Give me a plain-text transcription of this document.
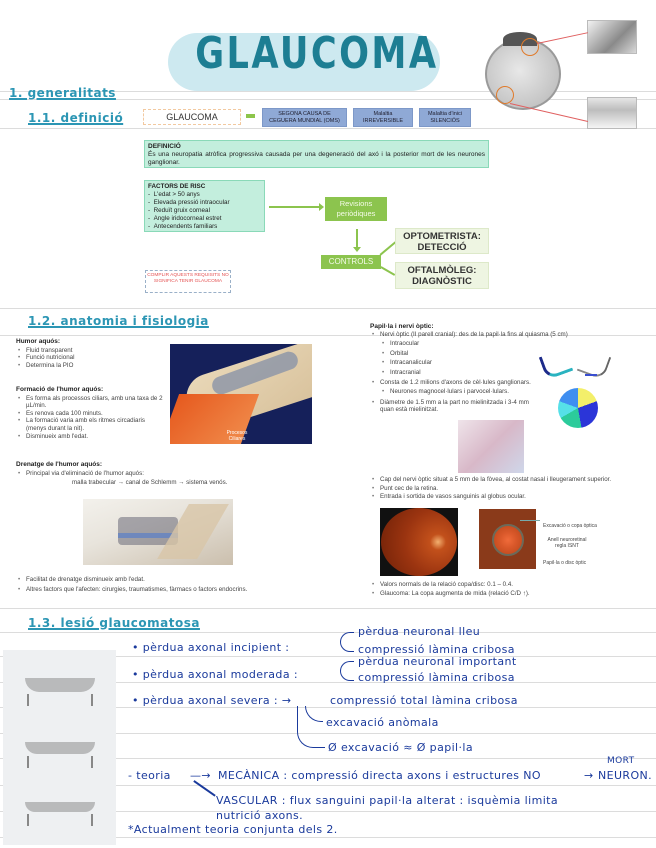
GLAUCOMA
1. generalitats
1.1. definició	GLAUCOMA	SEGONA CAUSA DE
CEGUERA MUNDIAL (OMS)
Malaltia
IRREVERSIBLE
Malaltia d'inici
SILENCIÓS
DEFINICIÓ
És una neuropatia atròfica progressiva causada per una degeneració del axó i la posterior mort de les neurones ganglionar.
FACTORS DE RISC
-  L'edat > 50 anys
-  Elevada pressió intraocular
-  Reduït gruix corneal
-  Angle iridocorneal estret
-  Antecendents familiars
Revisions periòdiques
CONTROLS
OPTOMETRISTA: DETECCIÓ
OFTALMÒLEG: DIAGNÒSTIC
COMPLIR AQUESTS REQUISITS NO SIGNIFICA TENIR GLAUCOMA
1.2. anatomia i fisiologia
Humor aquós:
• Fluid transparent
• Funció nutricional
• Determina la PIO
Formació de l'humor aquós:
• Es forma als processos ciliars, amb una taxa de 2 µL/min.
• Es renova cada 100 minuts.
• La formació varia amb els ritmes circadiaris (menys durant la nit).
• Disminueix amb l'edat.	Procesos Ciliares
Drenatge de l'humor aquós:
• Principal via d'eliminació de l'humor aquós:
malla trabecular → canal de Schlemm → sistema venós.
• Facilitat de drenatge disminueix amb l'edat.
• Altres factors que l'afecten: cirurgies, traumatismes, fàrmacs o factors endocrins.
Papil·la i nervi òptic:
• Nervi òptic (II parell cranial): des de la papil·la fins al quiasma (5 cm)
• Intraocular
• Orbital
• Intracanalicular
• Intracranial
• Consta de 1.2 milions d'axons de cèl·lules ganglionars.
• Neurones magnocel·lulars i parvocel·lulars.
• Diàmetre de 1.5 mm a la part no mielinitzada i 3-4 mm quan està mielinitzat.
• Cap del nervi òptic situat a 5 mm de la fòvea, al costat nasal i lleugerament superior.
• Punt cec de la retina.
• Entrada i sortida de vasos sanguinis al globus ocular.
Excavació o copa òptica
Anell neuroretinal regla ISNT
Papil·la o disc òptic
• Valors normals de la relació copa/disc: 0.1 – 0.4.
• Glaucoma: La copa augmenta de mida (relació C/D ↑).
1.3. lesió glaucomatosa
• pèrdua axonal incipient :
pèrdua neuronal lleu
compressió làmina cribosa
• pèrdua axonal moderada :
pèrdua neuronal important
compressió làmina cribosa
• pèrdua axonal severa : →	compressió total làmina cribosa
excavació anòmala
Ø excavació ≈ Ø papil·la
- teoria —→ MECÀNICA : compressió directa axons i estructures NO
MORT
→ NEURON.
VASCULAR : flux sanguini papil·la alterat : isquèmia limita
nutrició axons.
*Actualment teoria conjunta dels 2.
